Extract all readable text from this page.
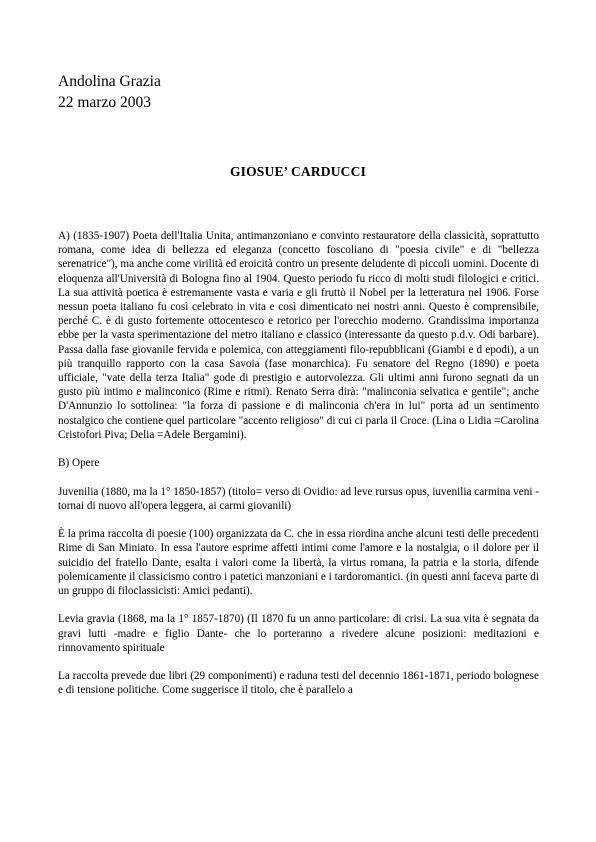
Andolina Grazia
22 marzo 2003
GIOSUE’ CARDUCCI

A) (1835-1907) Poeta dell'Italia Unita, antimanzoniano e convinto restauratore della classicità, soprattutto romana, come idea di bellezza ed eleganza (concetto foscoliano di "poesia civile" e di "bellezza serenatrice"), ma anche come virilità ed eroicità contro un presente deludente di piccoli uomini. Docente di eloquenza all'Università di Bologna fino al 1904. Questo periodo fu ricco di molti studi filologici e critici. La sua attività poetica è estremamente vasta e varia e gli fruttò il Nobel per la letteratura nel 1906. Forse nessun poeta italiano fu così celebrato in vita e così dimenticato nei nostri anni. Questo è comprensibile, perché C. è di gusto fortemente ottocentesco e retorico per l'orecchio moderno. Grandissima importanza ebbe per la vasta sperimentazione del metro italiano e classico (interessante da questo p.d.v. Odi barbare). Passa dalla fase giovanile fervida e polemica, con atteggiamenti filo-repubblicani (Giambi e d epodi), a un più tranquillo rapporto con la casa Savoia (fase monarchica). Fu senatore del Regno (1890) e poeta ufficiale, "vate della terza Italia" gode di prestigio e autorvolezza. Gli ultimi anni furono segnati da un gusto più intimo e malinconico (Rime e ritmi). Renato Serra dirà: "malinconia selvatica e gentile"; anche D'Annunzio lo sottolinea: "la forza di passione e di malinconia ch'era in lui" porta ad un sentimento nostalgico che contiene quel particolare "accento religioso" di cui ci parla il Croce. (Lina o Lidia =Carolina Cristofori Piva; Delia =Adele Bergamini).

B) Opere

Juvenilia (1880, ma la 1° 1850-1857) (titolo= verso di Ovidio: ad leve rursus opus, iuvenilia carmina veni -tornai di nuovo all'opera leggera, ai carmi giovanili)

È la prima raccolta di poesie (100) organizzata da C. che in essa riordina anche alcuni testi delle precedenti Rime di San Miniato. In essa l'autore esprime affetti intimi come l'amore e la nostalgia, o il dolore per il suicidio del fratello Dante, esalta i valori come la libertà, la virtus romana, la patria e la storia, difende polemicamente il classicismo contro i patetici manzoniani e i tardoromantici. (in questi anni faceva parte di un gruppo di filoclassicisti: Amici pedanti).

Levia gravia (1868, ma la 1° 1857-1870) (Il 1870 fu un anno particolare: di crisi. La sua vita è segnata da gravi lutti -madre e figlio Dante- che lo porteranno a rivedere alcune posizioni: meditazioni e rinnovamento spirituale

La raccolta prevede due libri (29 componimenti) e raduna testi del decennio 1861-1871, periodo bolognese e di tensione politiche. Come suggerisce il titolo, che è parallelo a
